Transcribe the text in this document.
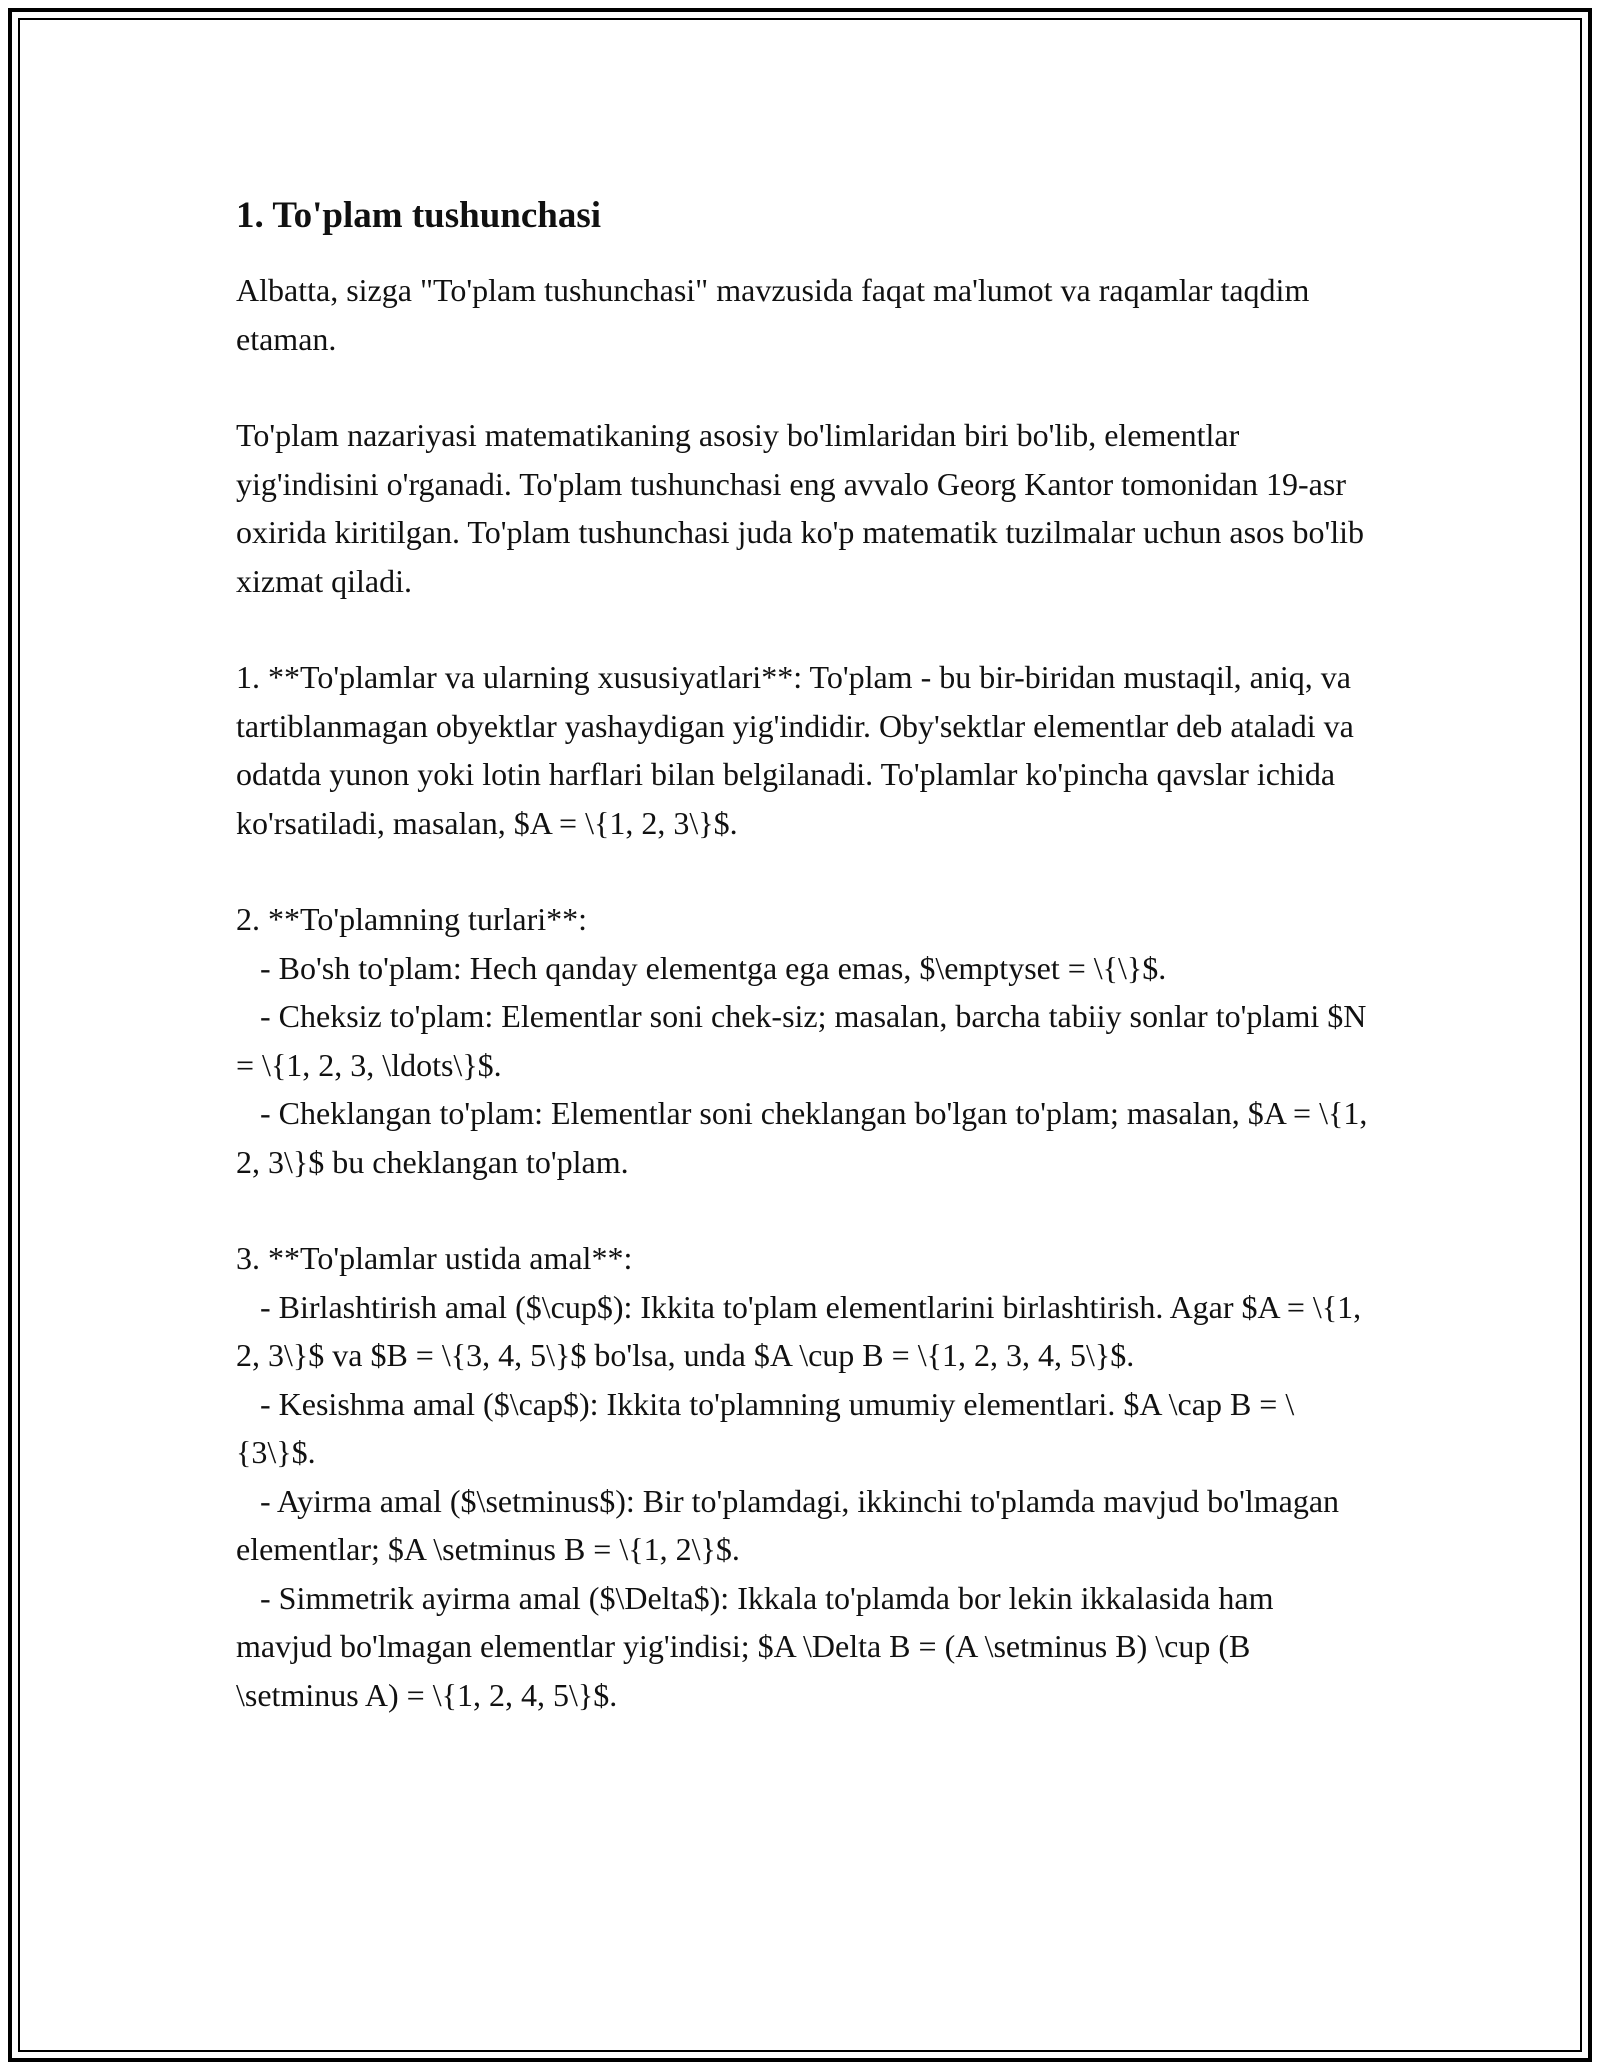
1. To'plam tushunchasi

Albatta, sizga "To'plam tushunchasi" mavzusida faqat ma'lumot va raqamlar taqdim etaman.

To'plam nazariyasi matematikaning asosiy bo'limlaridan biri bo'lib, elementlar yig'indisini o'rganadi. To'plam tushunchasi eng avvalo Georg Kantor tomonidan 19-asr oxirida kiritilgan. To'plam tushunchasi juda ko'p matematik tuzilmalar uchun asos bo'lib xizmat qiladi.

1. **To'plamlar va ularning xususiyatlari**: To'plam - bu bir-biridan mustaqil, aniq, va tartiblanmagan obyektlar yashaydigan yig'indidir. Oby'sektlar elementlar deb ataladi va odatda yunon yoki lotin harflari bilan belgilanadi. To'plamlar ko'pincha qavslar ichida ko'rsatiladi, masalan, $A = \{1, 2, 3\}$.

2. **To'plamning turlari**:
- Bo'sh to'plam: Hech qanday elementga ega emas, $\emptyset = \{\}$.
- Cheksiz to'plam: Elementlar soni chek-siz; masalan, barcha tabiiy sonlar to'plami $N = \{1, 2, 3, \ldots\}$.
- Cheklangan to'plam: Elementlar soni cheklangan bo'lgan to'plam; masalan, $A = \{1, 2, 3\}$ bu cheklangan to'plam.
3. **To'plamlar ustida amal**:
- Birlashtirish amal ($\cup$): Ikkita to'plam elementlarini birlashtirish. Agar $A = \{1, 2, 3\}$ va $B = \{3, 4, 5\}$ bo'lsa, unda $A \cup B = \{1, 2, 3, 4, 5\}$.
- Kesishma amal ($\cap$): Ikkita to'plamning umumiy elementlari. $A \cap B = \{3\}$.
- Ayirma amal ($\setminus$): Bir to'plamdagi, ikkinchi to'plamda mavjud bo'lmagan elementlar; $A \setminus B = \{1, 2\}$.
- Simmetrik ayirma amal ($\Delta$): Ikkala to'plamda bor lekin ikkalasida ham mavjud bo'lmagan elementlar yig'indisi; $A \Delta B = (A \setminus B) \cup (B \setminus A) = \{1, 2, 4, 5\}$.
